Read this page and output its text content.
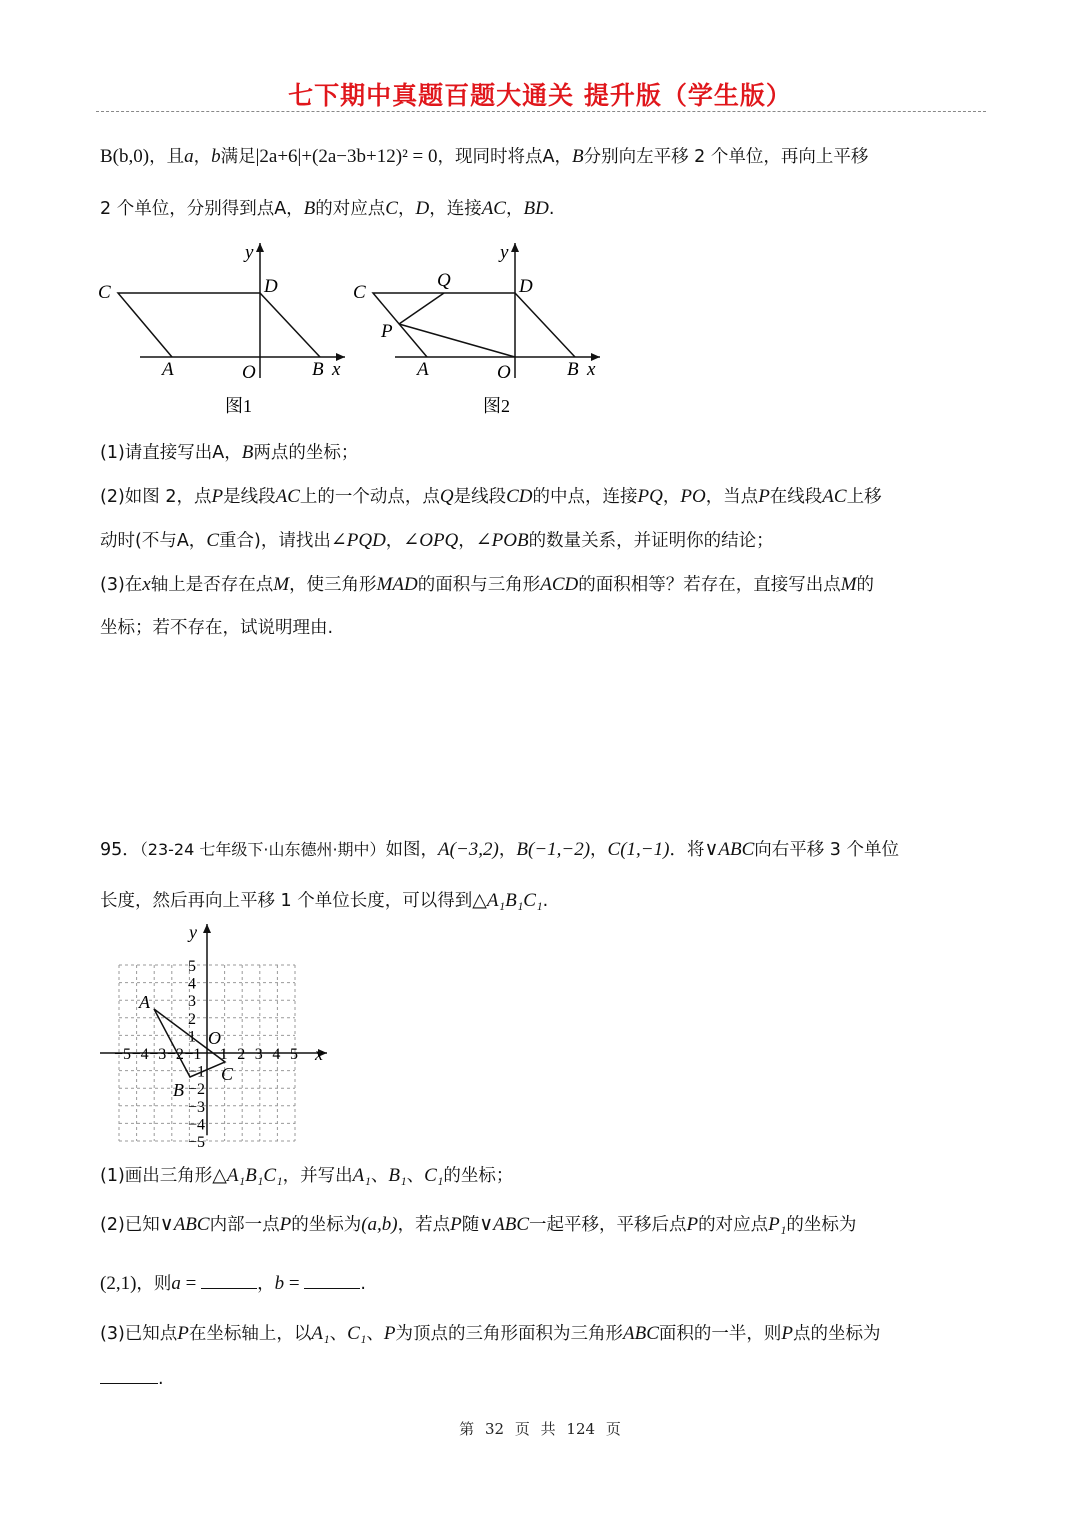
七下期中真题百题大通关 提升版（学生版）
B(b,0)，且a，b满足|2a+6|+(2a−3b+12)² = 0，现同时将点A，B分别向左平移 2 个单位，再向上平移
2 个单位，分别得到点A，B的对应点C，D，连接AC，BD.
y
x
C	D
A	O	B
图1
y
x
C	D
Q
P
A	O	B
图2
(1)请直接写出A，B两点的坐标；
(2)如图 2，点P是线段AC上的一个动点，点Q是线段CD的中点，连接PQ，PO，当点P在线段AC上移
动时(不与A，C重合)，请找出∠PQD，∠OPQ，∠POB的数量关系，并证明你的结论；
(3)在x轴上是否存在点M，使三角形MAD的面积与三角形ACD的面积相等？若存在，直接写出点M的
坐标；若不存在，试说明理由.
95．（23-24 七年级下·山东德州·期中）如图，A(−3,2)，B(−1,−2)，C(1,−1)．将∨ABC向右平移 3 个单位
长度，然后再向上平移 1 个单位长度，可以得到△A₁B₁C₁.
−5 −4 −3 −2 −1 1 2 3 4 5
5
4
3
2
1
−1
−2
−3
−4
−5
A
B
C
O
y
x
(1)画出三角形△A₁B₁C₁，并写出A₁、B₁、C₁的坐标；
(2)已知∨ABC内部一点P的坐标为(a,b)，若点P随∨ABC一起平移，平移后点P的对应点P₁的坐标为
(2,1)，则a =	，b =	.
(3)已知点P在坐标轴上，以A₁、C₁、P为顶点的三角形面积为三角形ABC面积的一半，则P点的坐标为
.
第 32 页 共 124 页
